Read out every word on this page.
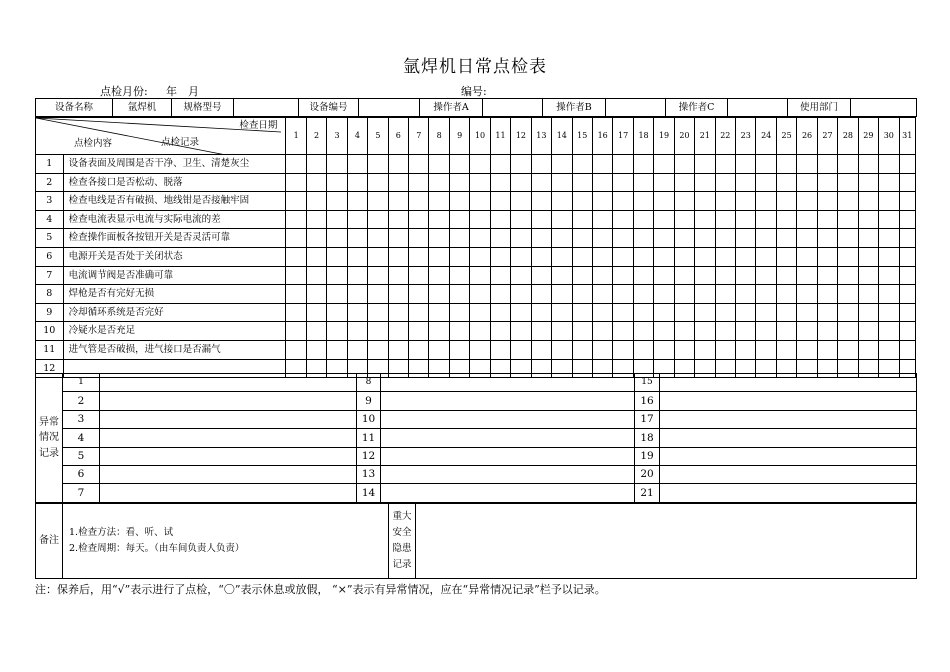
氩焊机日常点检表
点检月份: 年 月	编号:
设备名称	氩焊机	规格型号		设备编号		操作者A		操作者B		操作者C		使用部门	
检查日期
点检内容 点检记录		1	2	3	4	5	6	7	8	9	10	11	12	13	14	15	16	17	18	19	20	21	22	23	24	25	26	27	28	29	30	31
1	设备表面及周围是否干净、卫生、清楚灰尘																															
2	检查各接口是否松动、脱落																															
3	检查电线是否有破损、地线钳是否接触牢固																															
4	检查电流表显示电流与实际电流的差																															
5	检查操作面板各按钮开关是否灵活可靠																															
6	电源开关是否处于关闭状态																															
7	电流调节阀是否准确可靠																															
8	焊枪是否有完好无损																															
9	冷却循环系统是否完好																															
10	冷疑水是否充足																															
11	进气管是否破损，进气接口是否漏气																															
12																																
异常情况记录	1		8		15	
	2		9		16	
	3		10		17	
	4		11		18	
	5		12		19	
	6		13		20	
	7		14		21	
备注	
1.检查方法：看、听、试
2.检查周期：每天。（由车间负责人负责）
	重大安全隐患记录	
注：保养后，用“√”表示进行了点检，“〇”表示休息或放假， “×”表示有异常情况，应在“异常情况记录”栏予以记录。
